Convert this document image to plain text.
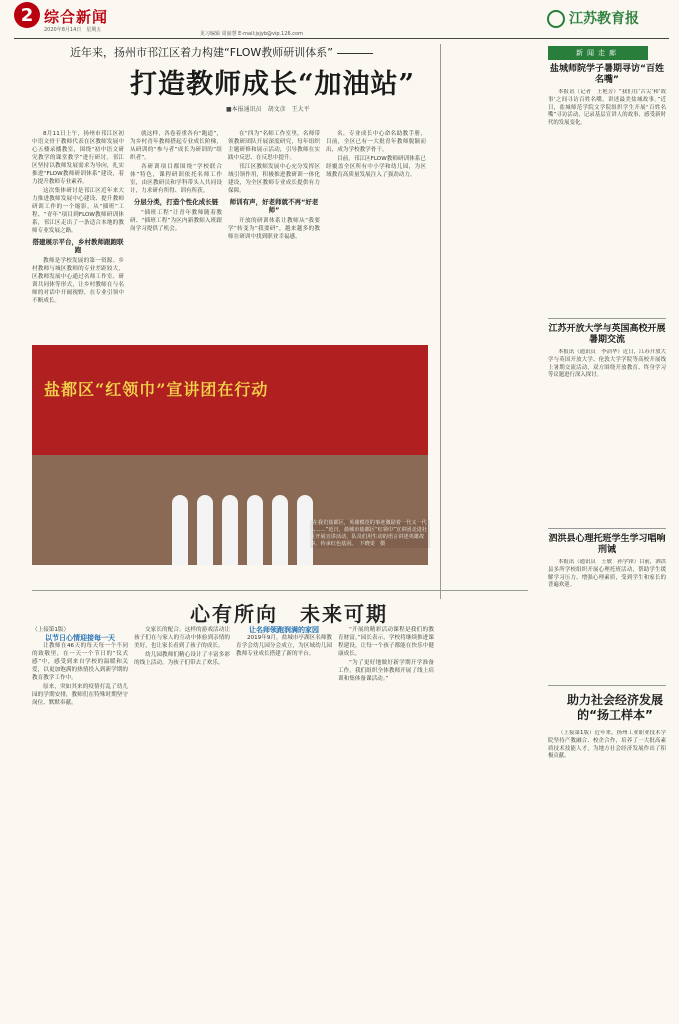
2 综合新闻
2020年8月14日　星期五
见习编辑 周丽慧 E-mail:jsjyb@vip.126.com
江苏教育报
近年来，扬州市邗江区着力构建“FLOW教师研训体系”
打造教师成长“加油站”
■本报通讯员　胡文彦　王大平

8月11日上午，扬州市邗江区初中语文骨干教师代表在区教师发展中心五楼录播教室，围绕“初中语文研究教学的课堂教学”进行研讨。邗江区坚持以教师发展需求为导向，扎实推进“FLOW教师研训体系”建设，着力提升教师专业素养。

这次集体研讨是邗江区近年来大力推进教师发展中心建设、提升教师研训工作的一个缩影。从“插班”工程、“青年”项目到FLOW教师研训体系，邗江区走出了一条适合本地的教师专业发展之路。

搭建展示平台，乡村教师跟跑联跑

教师是学校发展的第一资源。乡村教师与城区教师的专业差距较大，区教师发展中心通过名师工作室、研训共同体等形式，让乡村教师在与名师的对话中开阔视野，在专业引领中不断成长。

就这样，各卷着重各有“跑道”，为乡村青年教师搭起专业成长阶梯，从研训的“参与者”成长为研训的“组织者”。

各研训项目都围绕“学校联合体”特色，课程研训依托名师工作室，由区教研员和学科带头人共同设计，力求研有所得、训有所获。

分层分类，打造个性化成长链

“插班工程”让青年教师随着教研、“插班工程”为区内新教师入班跟岗学习提供了机会。

在“四为”名师工作室里，名师带领教研团队开展深度研究，每年组织主题研修和展示活动，引导教师在实践中反思、在反思中提升。

邗江区教师发展中心充分发挥区域引领作用，积极推进教研训一体化建设，为全区教师专业成长提供有力保障。

师训有声，好老师就不再“好老师”

开放的研训体系让教师从“我要学”转变为“我要研”，越来越多的教师在研训中找到职业幸福感。

名，专业成长中心命名助教手册，目前，全区已有一大批青年教师脱颖而出，成为学校教学骨干。

目前，邗江区FLOW教师研训体系已经覆盖全区所有中小学和幼儿园，为区域教育高质量发展注入了强劲动力。

盐都区“红领巾”宣讲团在行动
“在我们盐都区，英雄模范的事迹激励着一代又一代人……”近日，盐城市盐都区“红领巾”宣讲团走进社区开展宣讲活动，队员们用生动的语言讲述英雄故事，传承红色基因。　下晓雯　摄
心有所向　未来可期
（上接第1版）
以节日心情迎接每一天

让教师在46天的每天每一个不同的致敬里，在一天一个节日的“仪式感”中，感受到来自学校的温暖和关爱，以更加饱满的热情投入到新学期的教育教学工作中。

原来，突如其来的疫情打乱了幼儿园的学期安排，教师们在特殊时期坚守岗位、默默奉献。

交家长的配合。这样的游戏活动让孩子们在与家人的互动中体验到亲情的美好，也让家长看到了孩子的成长。

幼儿园教师们精心设计了丰富多彩的线上活动，为孩子们带去了欢乐。

让名师领跑润满的家园

2019年9月，盐城市亭湖区名师教育学会幼儿园分会成立，为区域幼儿园教师专业成长搭建了新的平台。

“开展的精彩活动课程是我们的教育财富。”园长表示，学校将继续推进课程建设，让每一个孩子都能在快乐中健康成长。

“为了更好地做好新学期开学准备工作，我们组织全体教师开展了线上培训和集体备课活动。”

新闻走廊
盐城师院学子暑期寻访“百姓名嘴”

本报讯（记者　王艳芳）“我们在‘舌尖’和‘故事’之间寻访百姓名嘴，讲述最美盐城故事。”近日，盐城师范学院文学院组织学生开展“百姓名嘴”寻访活动，记录基层宣讲人的故事，感受新时代的发展变化。

江苏开放大学与英国高校开展暑期交流

本报讯（通讯员　李冶华）近日，江苏开放大学与英国开放大学、伦敦大学学院等高校开展线上暑期交流活动，双方围绕开放教育、终身学习等议题进行深入探讨。

泗洪县心理托班学生学习唱响刑诫

本报讯（通讯员　王敏　孙学锋）目前，泗洪县多所学校组织开展心理托班活动，帮助学生缓解学习压力、增强心理素质，受到学生和家长的普遍欢迎。

助力社会经济发展的“扬工样本”

（上接第1版）近年来，扬州工业职业技术学院坚持产教融合、校企合作，培养了一大批高素质技术技能人才，为地方社会经济发展作出了积极贡献。
